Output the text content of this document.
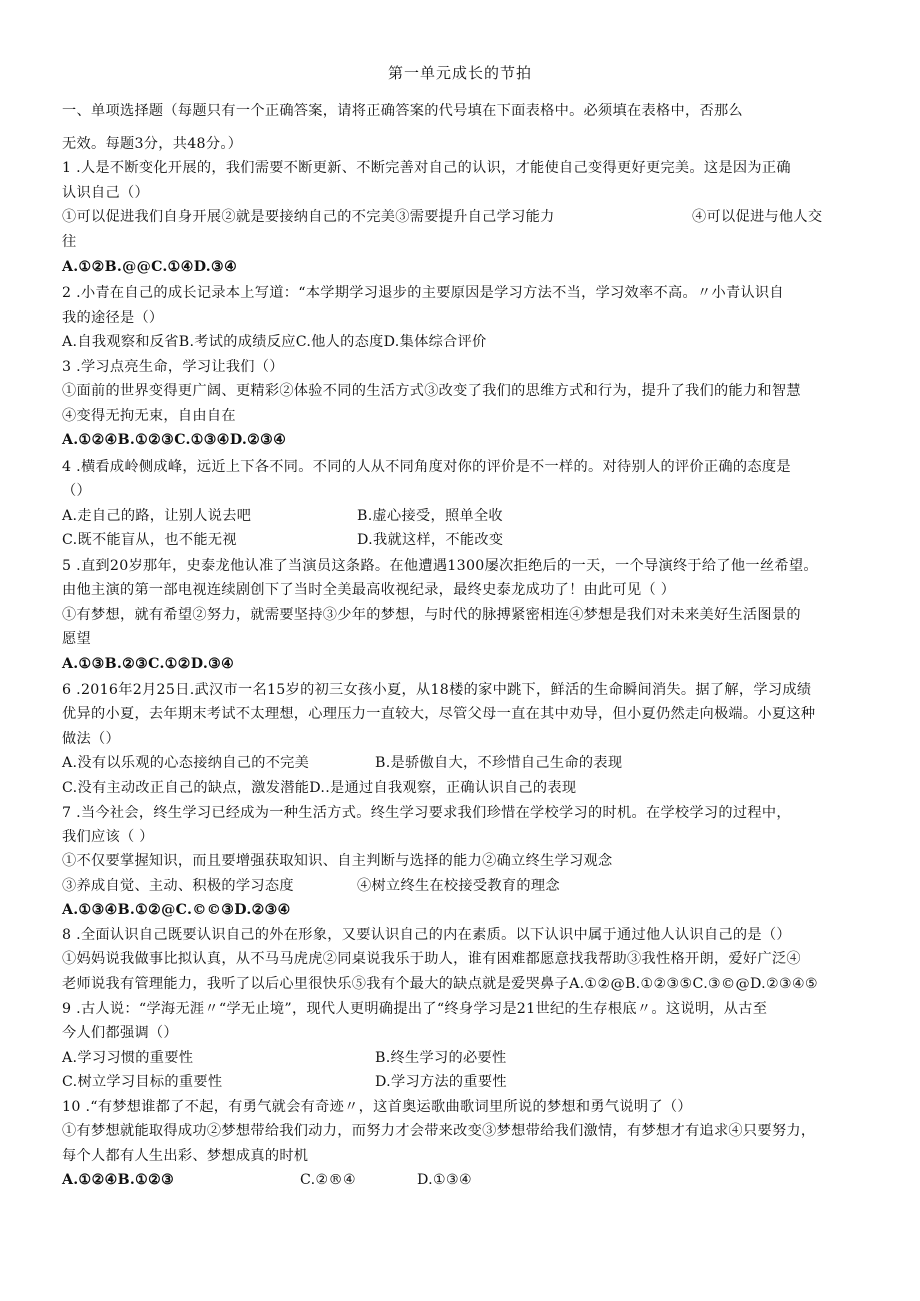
第一单元成长的节拍
一、单项选择题（每题只有一个正确答案，请将正确答案的代号填在下面表格中。必须填在表格中，否那么
无效。每题3分，共48分。）
1 .人是不断变化开展的，我们需要不断更新、不断完善对自己的认识，才能使自己变得更好更完美。这是因为正确
认识自己（）
①可以促进我们自身开展②就是要接纳自己的不完美③需要提升自己学习能力	④可以促进与他人交
往
A.①②B.@@C.①④D.③④
2 .小青在自己的成长记录本上写道：“本学期学习退步的主要原因是学习方法不当，学习效率不高。〃小青认识自
我的途径是（）
A.自我观察和反省B.考试的成绩反应C.他人的态度D.集体综合评价
3 .学习点亮生命，学习让我们（）
①面前的世界变得更广阔、更精彩②体验不同的生活方式③改变了我们的思维方式和行为，提升了我们的能力和智慧
④变得无拘无束，自由自在
A.①②④B.①②③C.①③④D.②③④
4 .横看成岭侧成峰，远近上下各不同。不同的人从不同角度对你的评价是不一样的。对待别人的评价正确的态度是
（）
A.走自己的路，让别人说去吧	B.虚心接受，照单全收
C.既不能盲从，也不能无视	D.我就这样，不能改变
5 .直到20岁那年，史泰龙他认准了当演员这条路。在他遭遇1300屡次拒绝后的一天，一个导演终于给了他一丝希望。
由他主演的第一部电视连续剧创下了当时全美最高收视纪录，最终史泰龙成功了！由此可见（ ）
①有梦想，就有希望②努力，就需要坚持③少年的梦想，与时代的脉搏紧密相连④梦想是我们对未来美好生活图景的
愿望
A.①③B.②③C.①②D.③④
6 .2016年2月25日.武汉市一名15岁的初三女孩小夏，从18楼的家中跳下，鲜活的生命瞬间消失。据了解，学习成绩
优异的小夏，去年期末考试不太理想，心理压力一直较大，尽管父母一直在其中劝导，但小夏仍然走向极端。小夏这种
做法（）
A.没有以乐观的心态接纳自己的不完美	B.是骄傲自大，不珍惜自己生命的表现
C.没有主动改正自己的缺点，激发潜能D..是通过自我观察，正确认识自己的表现
7 .当今社会，终生学习已经成为一种生活方式。终生学习要求我们珍惜在学校学习的时机。在学校学习的过程中，
我们应该（ ）
①不仅要掌握知识，而且要增强获取知识、自主判断与选择的能力②确立终生学习观念
③养成自觉、主动、积极的学习态度	④树立终生在校接受教育的理念
A.①③④B.①②@C.©©③D.②③④
8 .全面认识自己既要认识自己的外在形象，又要认识自己的内在素质。以下认识中属于通过他人认识自己的是（）
①妈妈说我做事比拟认真，从不马马虎虎②同桌说我乐于助人，谁有困难都愿意找我帮助③我性格开朗，爱好广泛④
老师说我有管理能力，我听了以后心里很快乐⑤我有个最大的缺点就是爱哭鼻子A.①②@B.①②③⑤C.③©@D.②③④⑤
9 .古人说：“学海无涯〃“学无止境”，现代人更明确提出了“终身学习是21世纪的生存根底〃。这说明，从古至
今人们都强调（）
A.学习习惯的重要性	B.终生学习的必要性
C.树立学习目标的重要性	D.学习方法的重要性
10 .“有梦想谁都了不起，有勇气就会有奇迹〃，这首奥运歌曲歌词里所说的梦想和勇气说明了（）
①有梦想就能取得成功②梦想带给我们动力，而努力才会带来改变③梦想带给我们激情，有梦想才有追求④只要努力，
每个人都有人生出彩、梦想成真的时机
A.①②④B.①②③	C.②®④	D.①③④
